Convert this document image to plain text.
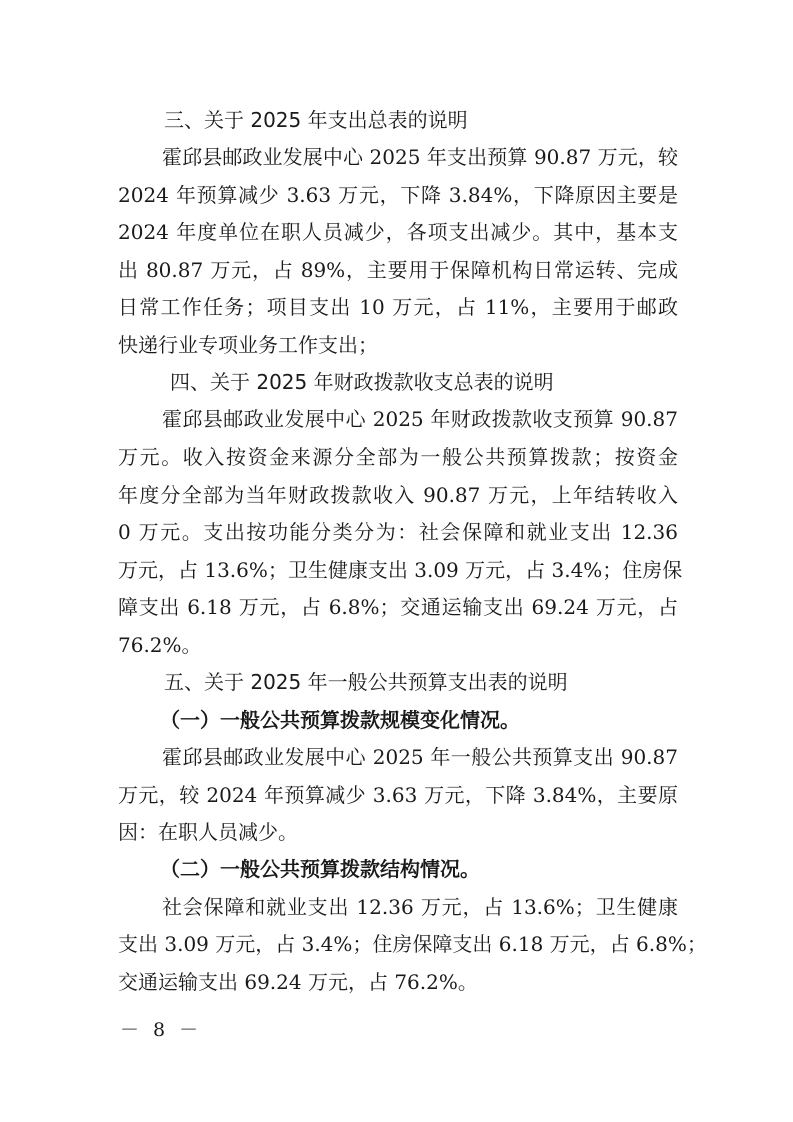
三、关于 2025 年支出总表的说明
霍邱县邮政业发展中心 2025 年支出预算 90.87 万元，较
2024 年预算减少 3.63 万元，下降 3.84%，下降原因主要是
2024 年度单位在职人员减少，各项支出减少。其中，基本支
出 80.87 万元，占 89%，主要用于保障机构日常运转、完成
日常工作任务；项目支出 10 万元，占 11%，主要用于邮政
快递行业专项业务工作支出；
四、关于 2025 年财政拨款收支总表的说明
霍邱县邮政业发展中心 2025 年财政拨款收支预算 90.87
万元。收入按资金来源分全部为一般公共预算拨款；按资金
年度分全部为当年财政拨款收入 90.87 万元，上年结转收入
0 万元。支出按功能分类分为：社会保障和就业支出 12.36
万元，占 13.6%；卫生健康支出 3.09 万元，占 3.4%；住房保
障支出 6.18 万元，占 6.8%；交通运输支出 69.24 万元，占
76.2%。
五、关于 2025 年一般公共预算支出表的说明
（一）一般公共预算拨款规模变化情况。
霍邱县邮政业发展中心 2025 年一般公共预算支出 90.87
万元，较 2024 年预算减少 3.63 万元，下降 3.84%，主要原
因：在职人员减少。
（二）一般公共预算拨款结构情况。
社会保障和就业支出 12.36 万元，占 13.6%；卫生健康
支出 3.09 万元，占 3.4%；住房保障支出 6.18 万元，占 6.8%；
交通运输支出 69.24 万元，占 76.2%。
－ 8 －
